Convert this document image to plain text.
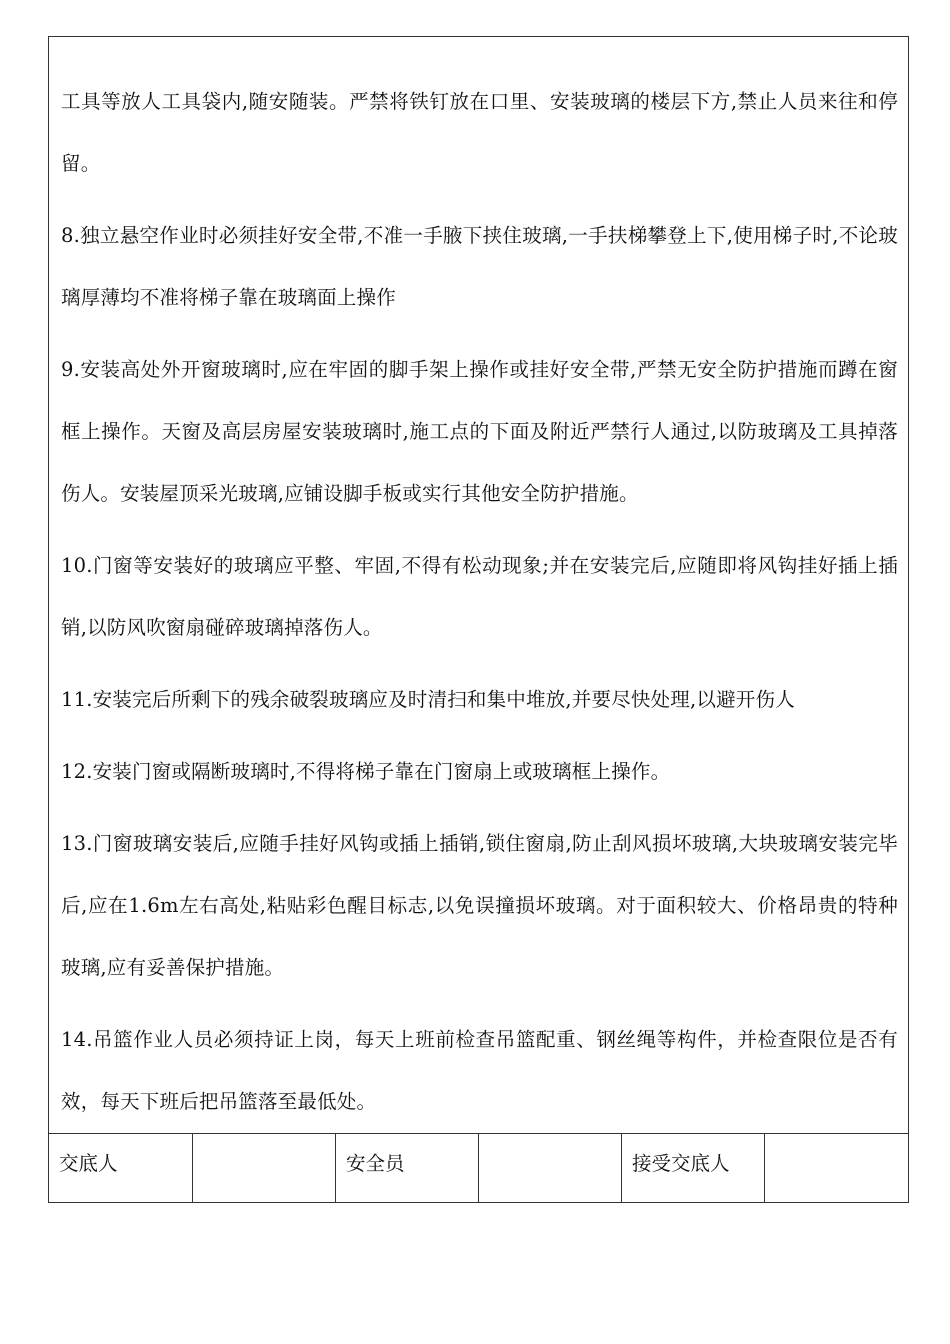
工具等放人工具袋内,随安随装。严禁将铁钉放在口里、安装玻璃的楼层下方,禁止人员来往和停留。

8.独立悬空作业时必须挂好安全带,不准一手腋下挟住玻璃,一手扶梯攀登上下,使用梯子时,不论玻璃厚薄均不准将梯子靠在玻璃面上操作

9.安装高处外开窗玻璃时,应在牢固的脚手架上操作或挂好安全带,严禁无安全防护措施而蹲在窗框上操作。天窗及高层房屋安装玻璃时,施工点的下面及附近严禁行人通过,以防玻璃及工具掉落伤人。安装屋顶采光玻璃,应铺设脚手板或实行其他安全防护措施。

10.门窗等安装好的玻璃应平整、牢固,不得有松动现象;并在安装完后,应随即将风钩挂好插上插销,以防风吹窗扇碰碎玻璃掉落伤人。

11.安装完后所剩下的残余破裂玻璃应及时清扫和集中堆放,并要尽快处理,以避开伤人

12.安装门窗或隔断玻璃时,不得将梯子靠在门窗扇上或玻璃框上操作。

13.门窗玻璃安装后,应随手挂好风钩或插上插销,锁住窗扇,防止刮风损坏玻璃,大块玻璃安装完毕后,应在1.6m左右高处,粘贴彩色醒目标志,以免误撞损坏玻璃。对于面积较大、价格昂贵的特种玻璃,应有妥善保护措施。

14.吊篮作业人员必须持证上岗，每天上班前检查吊篮配重、钢丝绳等构件，并检查限位是否有效，每天下班后把吊篮落至最低处。

交底人	安全员	接受交底人
